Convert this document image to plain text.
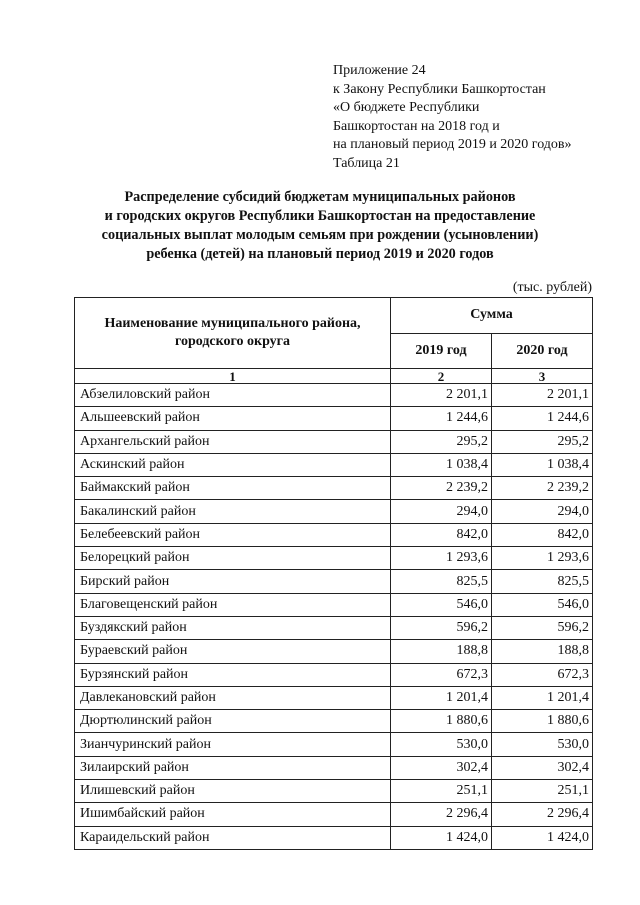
Приложение 24
к Закону Республики Башкортостан
«О бюджете Республики
Башкортостан на 2018 год и
на плановый период 2019 и 2020 годов»
Таблица 21
Распределение субсидий бюджетам муниципальных районов
и городских округов Республики Башкортостан на предоставление
социальных выплат молодым семьям при рождении (усыновлении)
ребенка (детей) на плановый период 2019 и 2020 годов
(тыс. рублей)
Наименование муниципального района,
городского округа	Сумма	
	2019 год	2020 год
1	2	3
Абзелиловский район	2 201,1	2 201,1
Альшеевский район	1 244,6	1 244,6
Архангельский район	295,2	295,2
Аскинский район	1 038,4	1 038,4
Баймакский район	2 239,2	2 239,2
Бакалинский район	294,0	294,0
Белебеевский район	842,0	842,0
Белорецкий район	1 293,6	1 293,6
Бирский район	825,5	825,5
Благовещенский район	546,0	546,0
Буздякский район	596,2	596,2
Бураевский район	188,8	188,8
Бурзянский район	672,3	672,3
Давлекановский район	1 201,4	1 201,4
Дюртюлинский район	1 880,6	1 880,6
Зианчуринский район	530,0	530,0
Зилаирский район	302,4	302,4
Илишевский район	251,1	251,1
Ишимбайский район	2 296,4	2 296,4
Караидельский район	1 424,0	1 424,0
